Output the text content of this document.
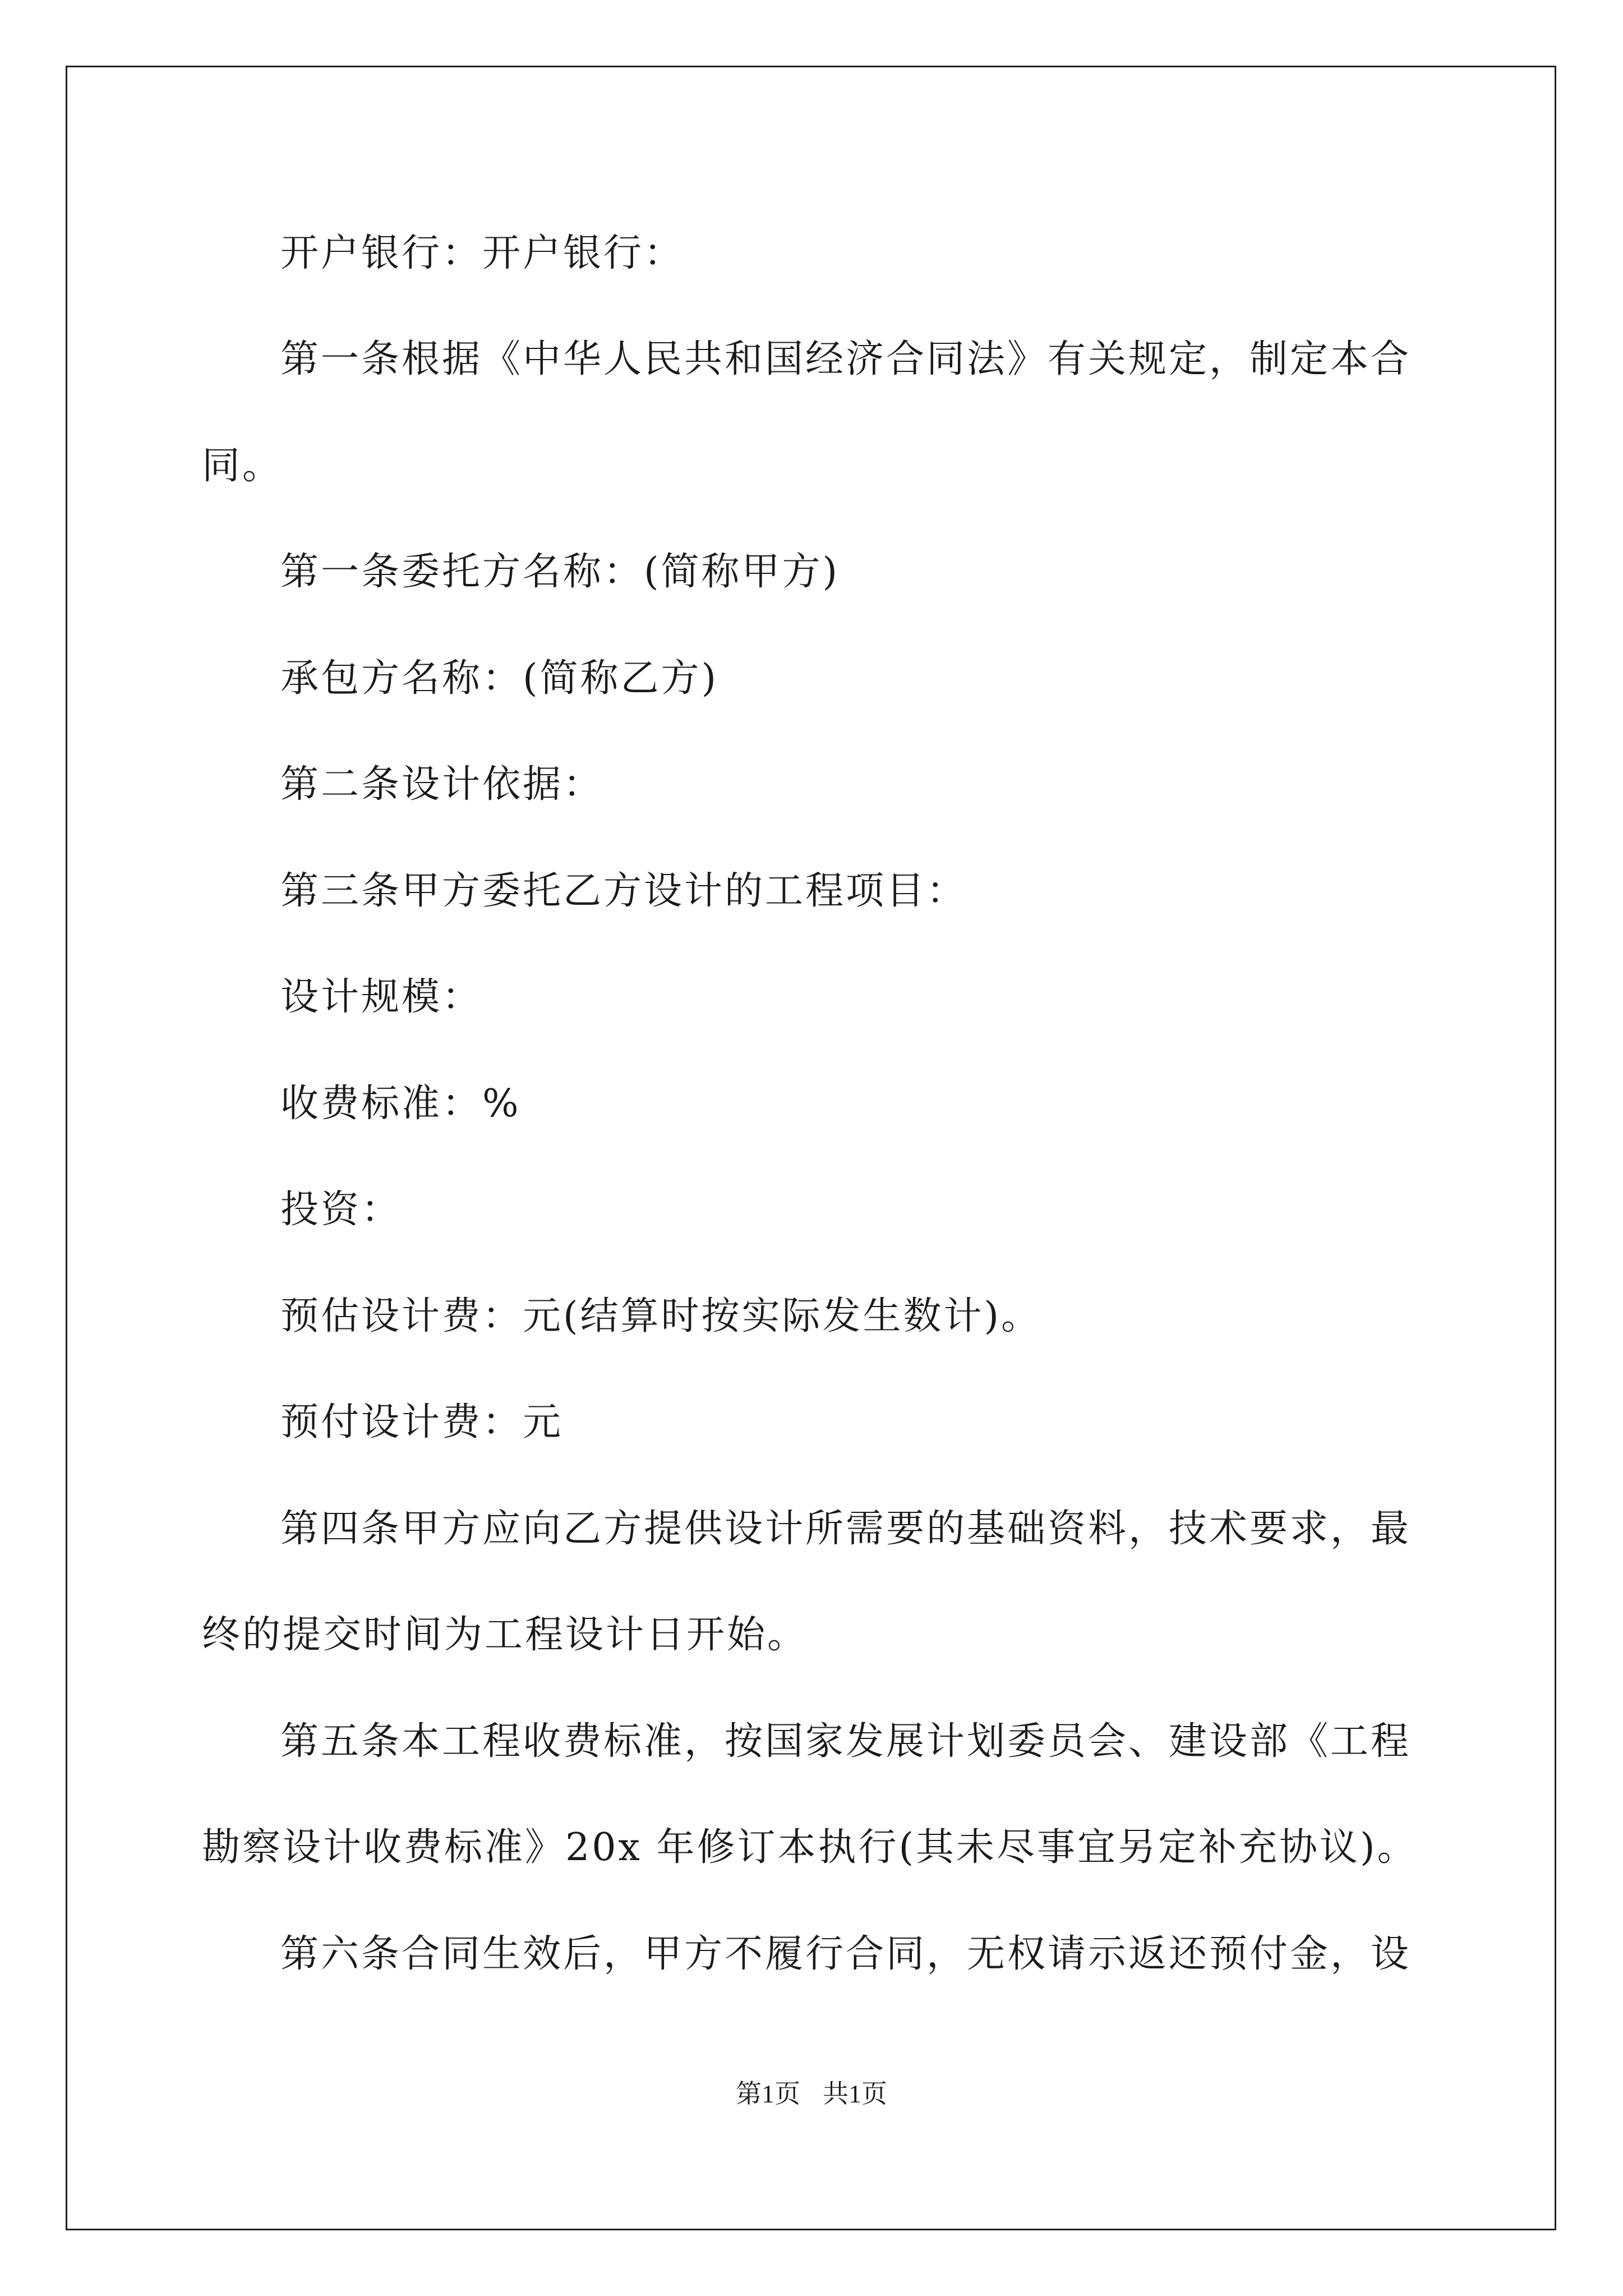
开户银行：开户银行：

第一条根据《中华人民共和国经济合同法》有关规定，制定本合

同。

第一条委托方名称：(简称甲方)

承包方名称：(简称乙方)

第二条设计依据：

第三条甲方委托乙方设计的工程项目：

设计规模：

收费标准：%

投资：

预估设计费：元(结算时按实际发生数计)。

预付设计费：元

第四条甲方应向乙方提供设计所需要的基础资料，技术要求，最

终的提交时间为工程设计日开始。

第五条本工程收费标准，按国家发展计划委员会、建设部《工程

勘察设计收费标准》20x 年修订本执行(其未尽事宜另定补充协议)。

第六条合同生效后，甲方不履行合同，无权请示返还预付金，设

第1页 共1页
